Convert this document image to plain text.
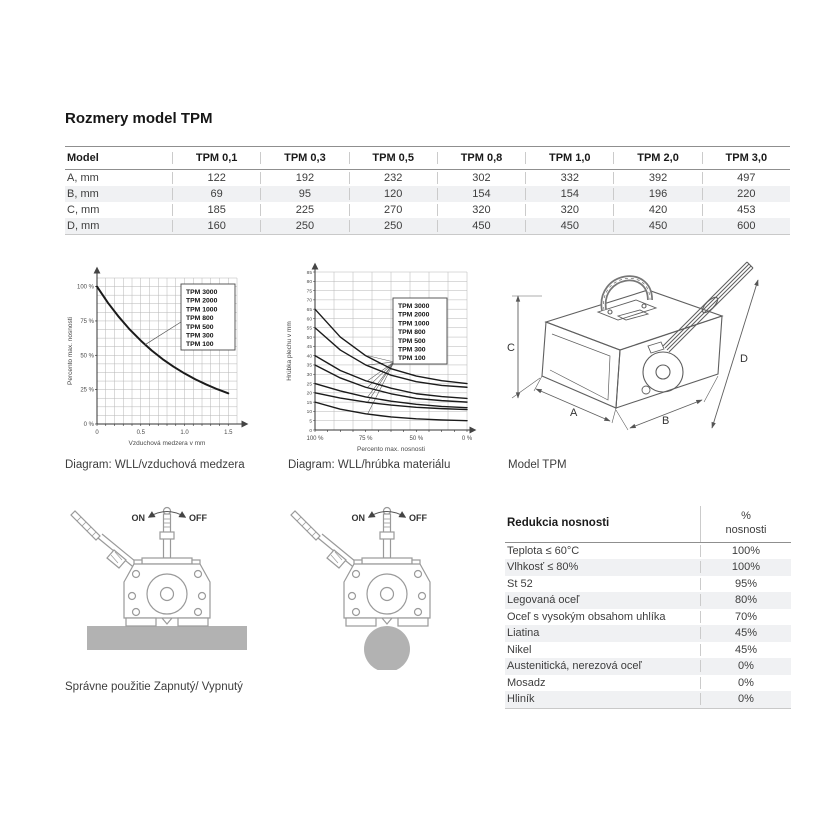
Rozmery model TPM
Model	TPM 0,1	TPM 0,3	TPM 0,5	TPM 0,8	TPM 1,0	TPM 2,0	TPM 3,0
A, mm	122	192	232	302	332	392	497
B, mm	69	95	120	154	154	196	220
C, mm	185	225	270	320	320	420	453
D, mm	160	250	250	450	450	450	600
0 %
25 %
50 %
75 %
100 %
0	0.5	1.0	1.5
TPM 3000
TPM 2000
TPM 1000
TPM 800
TPM 500
TPM 300
TPM 100
Vzduchová medzera v mm
Percento max. nosnosti
0
5
10
15
20
25
30
35
40
45
50
55
60
65
70
75
80
85
100 %	75 %	50 %	0 %
TPM 3000
TPM 2000
TPM 1000
TPM 800
TPM 500
TPM 300
TPM 100
Percento max. nosnosti
Hrúbka plechu v mm	C
A
B
D
ON	OFF	ON	OFF
Diagram: WLL/vzduchová medzera	Diagram: WLL/hrúbka materiálu	Model TPM
Správne použitie Zapnutý/ Vypnutý
Redukcia nosnosti
%
nosnosti
Teplota ≤ 60°C	100%
Vlhkosť ≤ 80%	100%
St 52	95%
Legovaná oceľ	80%
Oceľ s vysokým obsahom uhlíka	70%
Liatina	45%
Nikel	45%
Austenitická, nerezová oceľ	0%
Mosadz	0%
Hliník	0%
